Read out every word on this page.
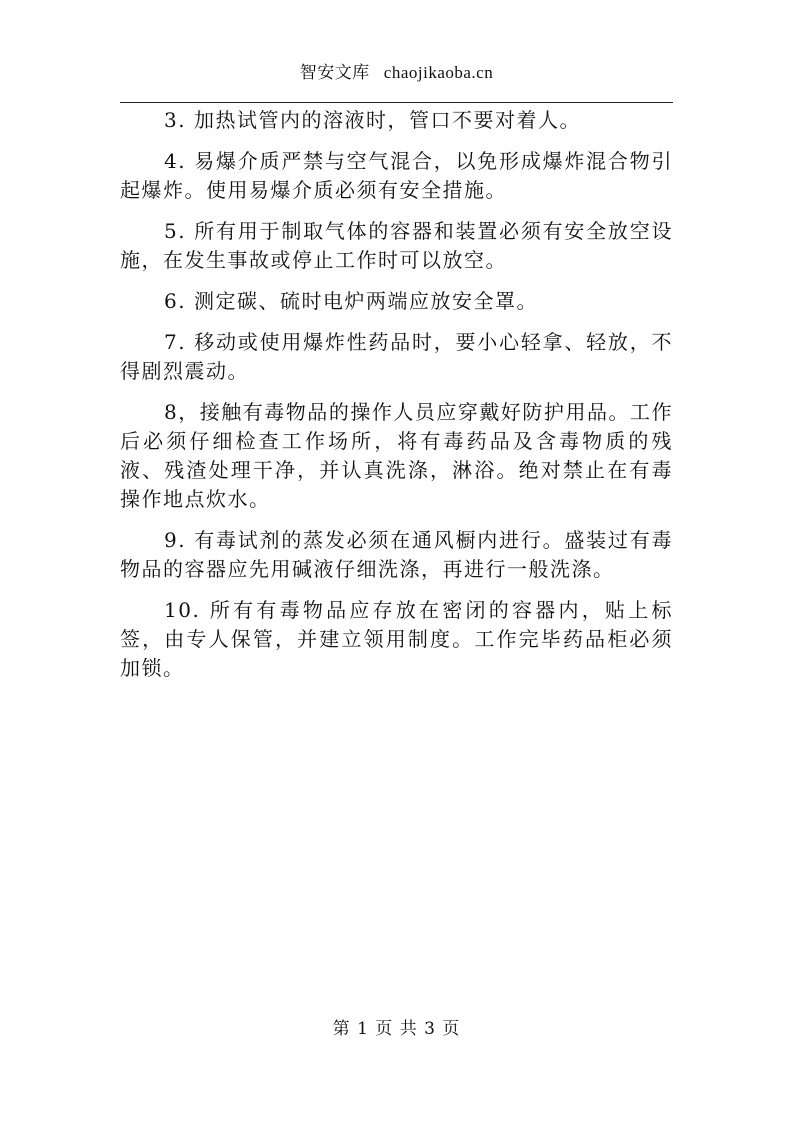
智安文库 chaojikaoba.cn

3. 加热试管内的溶液时，管口不要对着人。

4. 易爆介质严禁与空气混合，以免形成爆炸混合物引起爆炸。使用易爆介质必须有安全措施。

5. 所有用于制取气体的容器和装置必须有安全放空设施，在发生事故或停止工作时可以放空。

6. 测定碳、硫时电炉两端应放安全罩。

7. 移动或使用爆炸性药品时，要小心轻拿、轻放，不得剧烈震动。

8，接触有毒物品的操作人员应穿戴好防护用品。工作后必须仔细检查工作场所，将有毒药品及含毒物质的残液、残渣处理干净，并认真洗涤，淋浴。绝对禁止在有毒操作地点炊水。

9. 有毒试剂的蒸发必须在通风橱内进行。盛装过有毒物品的容器应先用碱液仔细洗涤，再进行一般洗涤。

10. 所有有毒物品应存放在密闭的容器内，贴上标签，由专人保管，并建立领用制度。工作完毕药品柜必须加锁。

第 1 页 共 3 页
